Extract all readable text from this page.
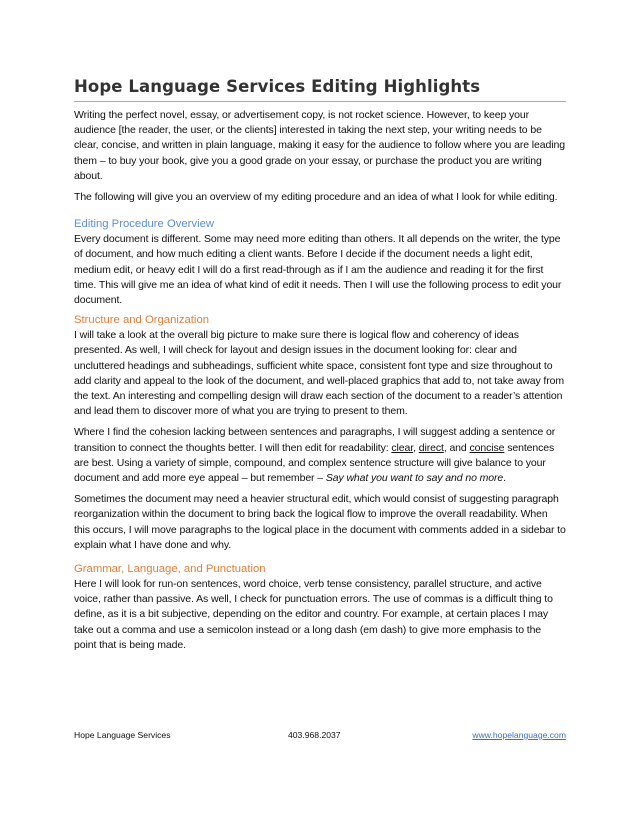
Hope Language Services Editing Highlights

Writing the perfect novel, essay, or advertisement copy, is not rocket science. However, to keep your audience [the reader, the user, or the clients] interested in taking the next step, your writing needs to be clear, concise, and written in plain language, making it easy for the audience to follow where you are leading them – to buy your book, give you a good grade on your essay, or purchase the product you are writing about.

The following will give you an overview of my editing procedure and an idea of what I look for while editing.

Editing Procedure Overview

Every document is different. Some may need more editing than others. It all depends on the writer, the type of document, and how much editing a client wants. Before I decide if the document needs a light edit, medium edit, or heavy edit I will do a first read-through as if I am the audience and reading it for the first time. This will give me an idea of what kind of edit it needs. Then I will use the following process to edit your document.

Structure and Organization

I will take a look at the overall big picture to make sure there is logical flow and coherency of ideas presented. As well, I will check for layout and design issues in the document looking for: clear and uncluttered headings and subheadings, sufficient white space, consistent font type and size throughout to add clarity and appeal to the look of the document, and well-placed graphics that add to, not take away from the text. An interesting and compelling design will draw each section of the document to a reader’s attention and lead them to discover more of what you are trying to present to them.

Where I find the cohesion lacking between sentences and paragraphs, I will suggest adding a sentence or transition to connect the thoughts better. I will then edit for readability: clear, direct, and concise sentences are best. Using a variety of simple, compound, and complex sentence structure will give balance to your document and add more eye appeal – but remember – Say what you want to say and no more.

Sometimes the document may need a heavier structural edit, which would consist of suggesting paragraph reorganization within the document to bring back the logical flow to improve the overall readability. When this occurs, I will move paragraphs to the logical place in the document with comments added in a sidebar to explain what I have done and why.

Grammar, Language, and Punctuation

Here I will look for run-on sentences, word choice, verb tense consistency, parallel structure, and active voice, rather than passive. As well, I check for punctuation errors. The use of commas is a difficult thing to define, as it is a bit subjective, depending on the editor and country. For example, at certain places I may take out a comma and use a semicolon instead or a long dash (em dash) to give more emphasis to the point that is being made.

Hope Language Services	403.968.2037	www.hopelanguage.com
